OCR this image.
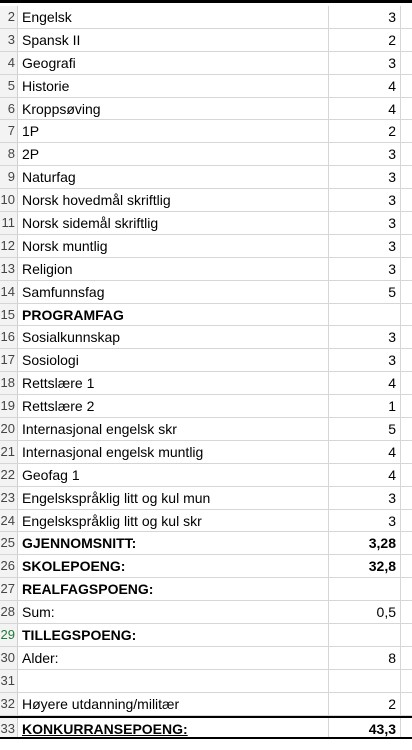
2 Engelsk	3
3 Spansk II	2
4 Geografi	3
5 Historie	4
6 Kroppsøving	4
7 1P	2
8 2P	3
9 Naturfag	3
10 Norsk hovedmål skriftlig	3
11 Norsk sidemål skriftlig	3
12 Norsk muntlig	3
13 Religion	3
14 Samfunnsfag	5
15 PROGRAMFAG
16 Sosialkunnskap	3
17 Sosiologi	3
18 Rettslære 1	4
19 Rettslære 2	1
20 Internasjonal engelsk skr	5
21 Internasjonal engelsk muntlig	4
22 Geofag 1	4
23 Engelskspråklig litt og kul mun	3
24 Engelskspråklig litt og kul skr	3
25 GJENNOMSNITT:	3,28
26 SKOLEPOENG:	32,8
27 REALFAGSPOENG:
28 Sum:	0,5
29 TILLEGSPOENG:
30 Alder:	8
31
32 Høyere utdanning/militær	2
33 KONKURRANSEPOENG:	43,3
